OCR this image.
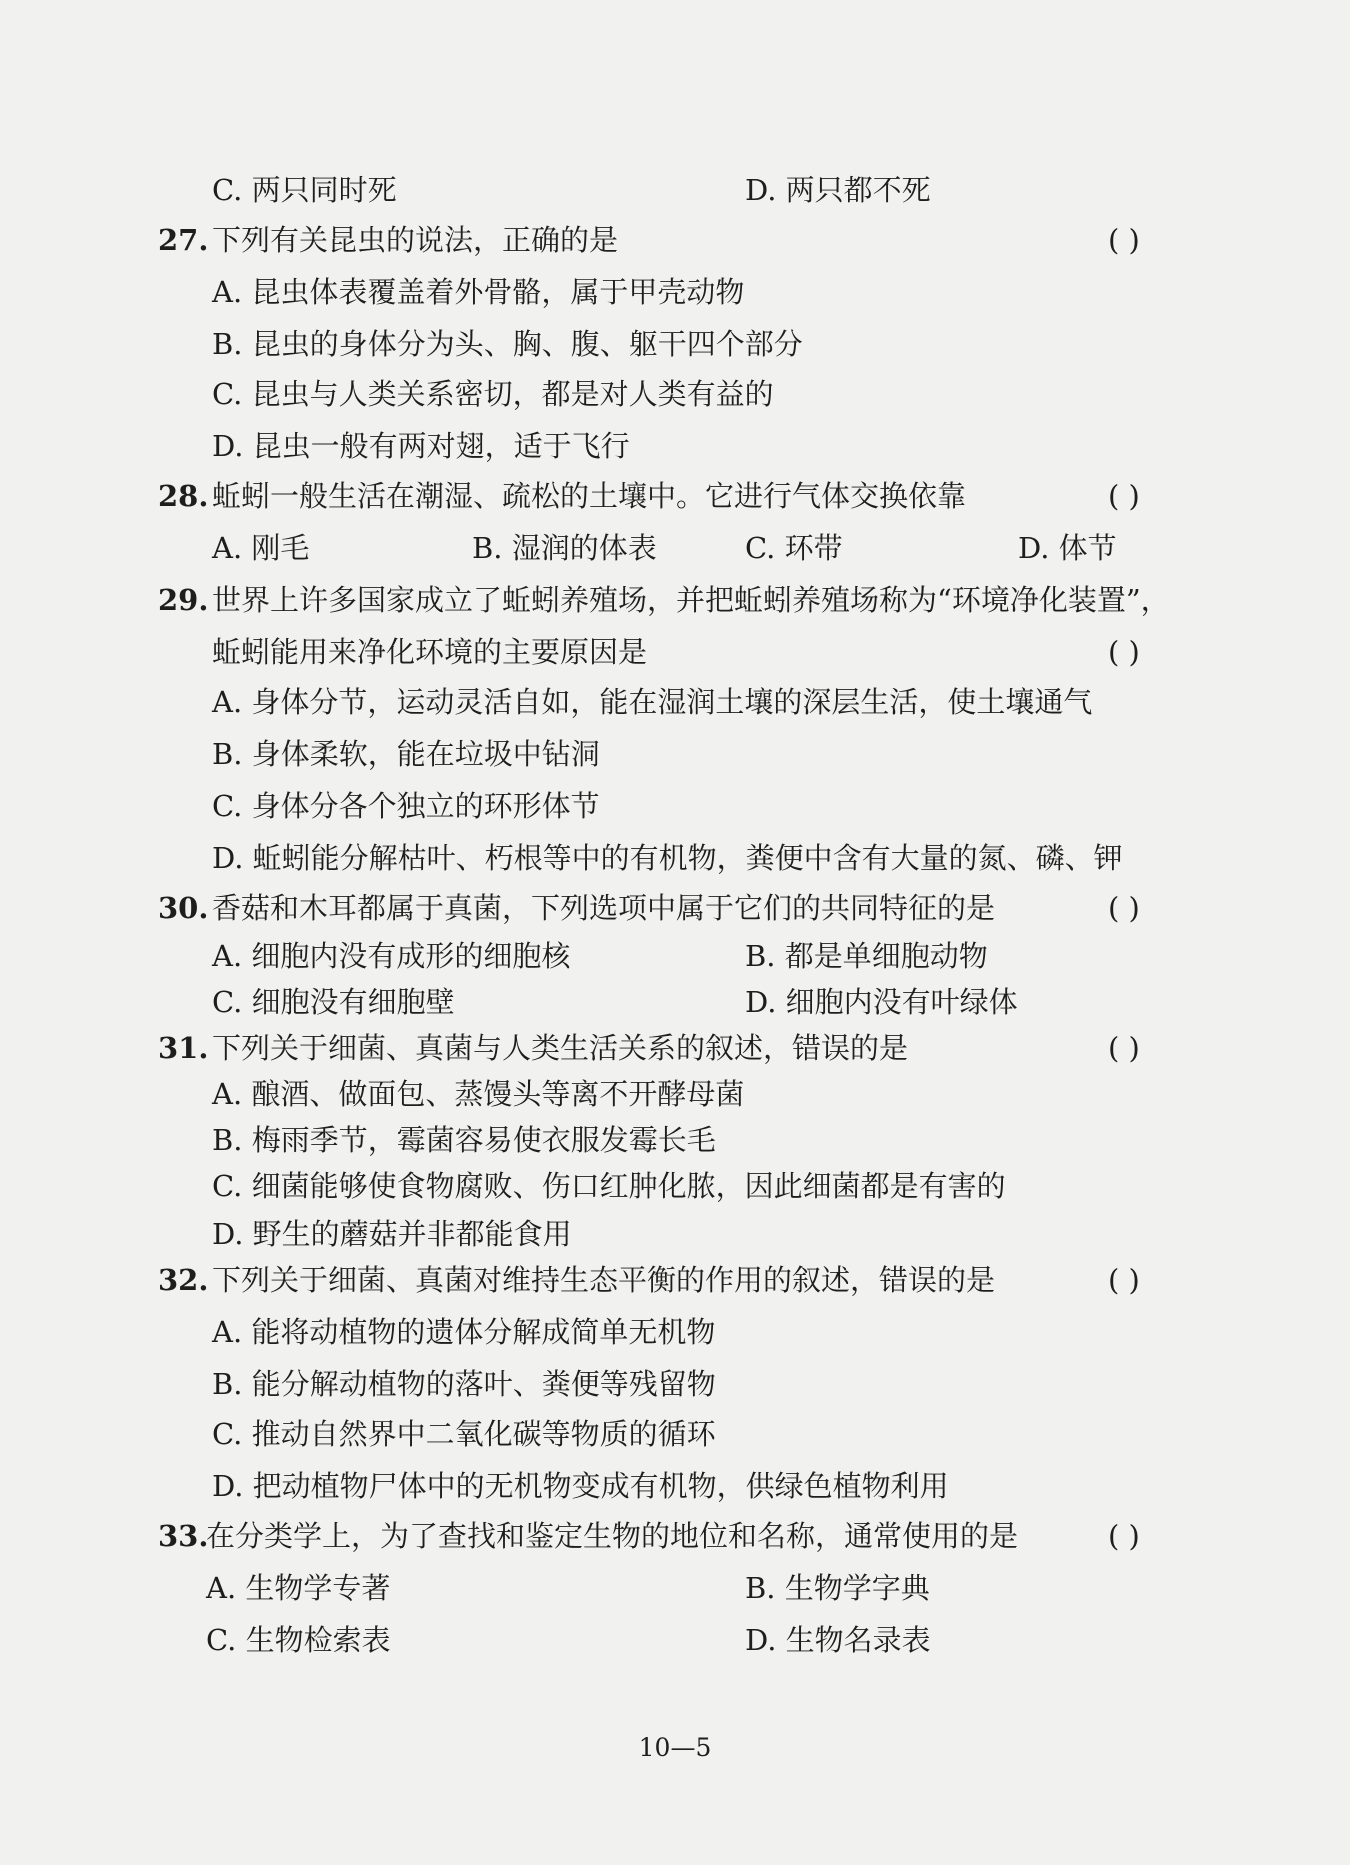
C. 两只同时死	D. 两只都不死
27. 下列有关昆虫的说法，正确的是	( )
A. 昆虫体表覆盖着外骨骼，属于甲壳动物
B. 昆虫的身体分为头、胸、腹、躯干四个部分
C. 昆虫与人类关系密切，都是对人类有益的
D. 昆虫一般有两对翅，适于飞行
28. 蚯蚓一般生活在潮湿、疏松的土壤中。它进行气体交换依靠	( )
A. 刚毛	B. 湿润的体表	C. 环带	D. 体节
29. 世界上许多国家成立了蚯蚓养殖场，并把蚯蚓养殖场称为“环境净化装置”，
蚯蚓能用来净化环境的主要原因是	( )
A. 身体分节，运动灵活自如，能在湿润土壤的深层生活，使土壤通气
B. 身体柔软，能在垃圾中钻洞
C. 身体分各个独立的环形体节
D. 蚯蚓能分解枯叶、朽根等中的有机物，粪便中含有大量的氮、磷、钾
30. 香菇和木耳都属于真菌，下列选项中属于它们的共同特征的是	( )
A. 细胞内没有成形的细胞核	B. 都是单细胞动物
C. 细胞没有细胞壁	D. 细胞内没有叶绿体
31. 下列关于细菌、真菌与人类生活关系的叙述，错误的是	( )
A. 酿酒、做面包、蒸馒头等离不开酵母菌
B. 梅雨季节，霉菌容易使衣服发霉长毛
C. 细菌能够使食物腐败、伤口红肿化脓，因此细菌都是有害的
D. 野生的蘑菇并非都能食用
32. 下列关于细菌、真菌对维持生态平衡的作用的叙述，错误的是	( )
A. 能将动植物的遗体分解成简单无机物
B. 能分解动植物的落叶、粪便等残留物
C. 推动自然界中二氧化碳等物质的循环
D. 把动植物尸体中的无机物变成有机物，供绿色植物利用
33.
在分类学上，为了查找和鉴定生物的地位和名称，通常使用的是	( )
A. 生物学专著	B. 生物学字典
C. 生物检索表	D. 生物名录表
10—5
